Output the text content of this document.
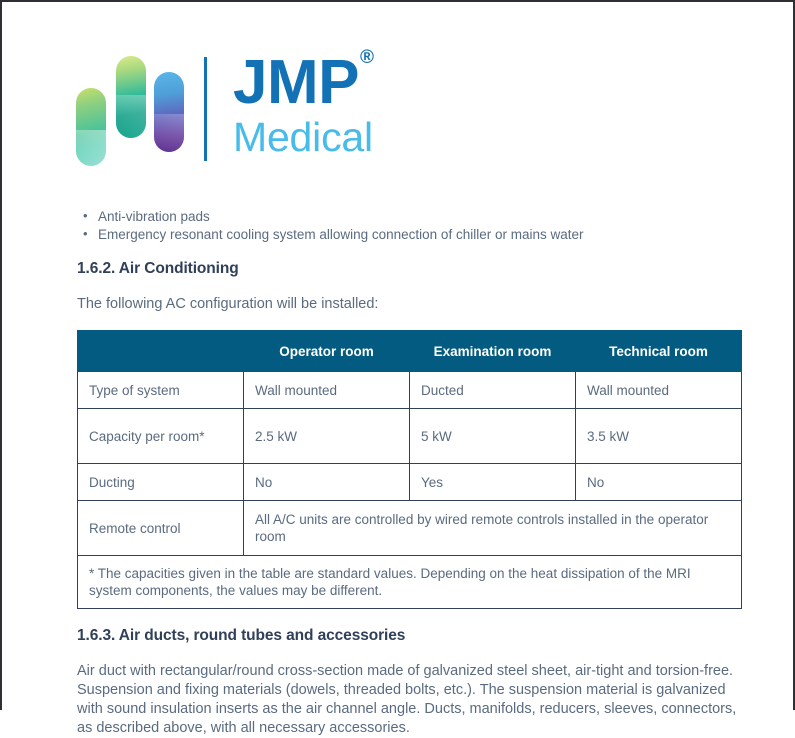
JMP®
Medical
• Anti-vibration pads
• Emergency resonant cooling system allowing connection of chiller or mains water
1.6.2. Air Conditioning

The following AC configuration will be installed:

	Operator room	Examination room	Technical room
Type of system	Wall mounted	Ducted	Wall mounted
Capacity per room*	2.5 kW	5 kW	3.5 kW
Ducting	No	Yes	No
Remote control	All A/C units are controlled by wired remote controls installed in the operator room		
* The capacities given in the table are standard values. Depending on the heat dissipation of the MRI system components, the values may be different.			
1.6.3. Air ducts, round tubes and accessories

Air duct with rectangular/round cross-section made of galvanized steel sheet, air-tight and torsion-free. Suspension and fixing materials (dowels, threaded bolts, etc.). The suspension material is galvanized with sound insulation inserts as the air channel angle. Ducts, manifolds, reducers, sleeves, connectors, as described above, with all necessary accessories.
